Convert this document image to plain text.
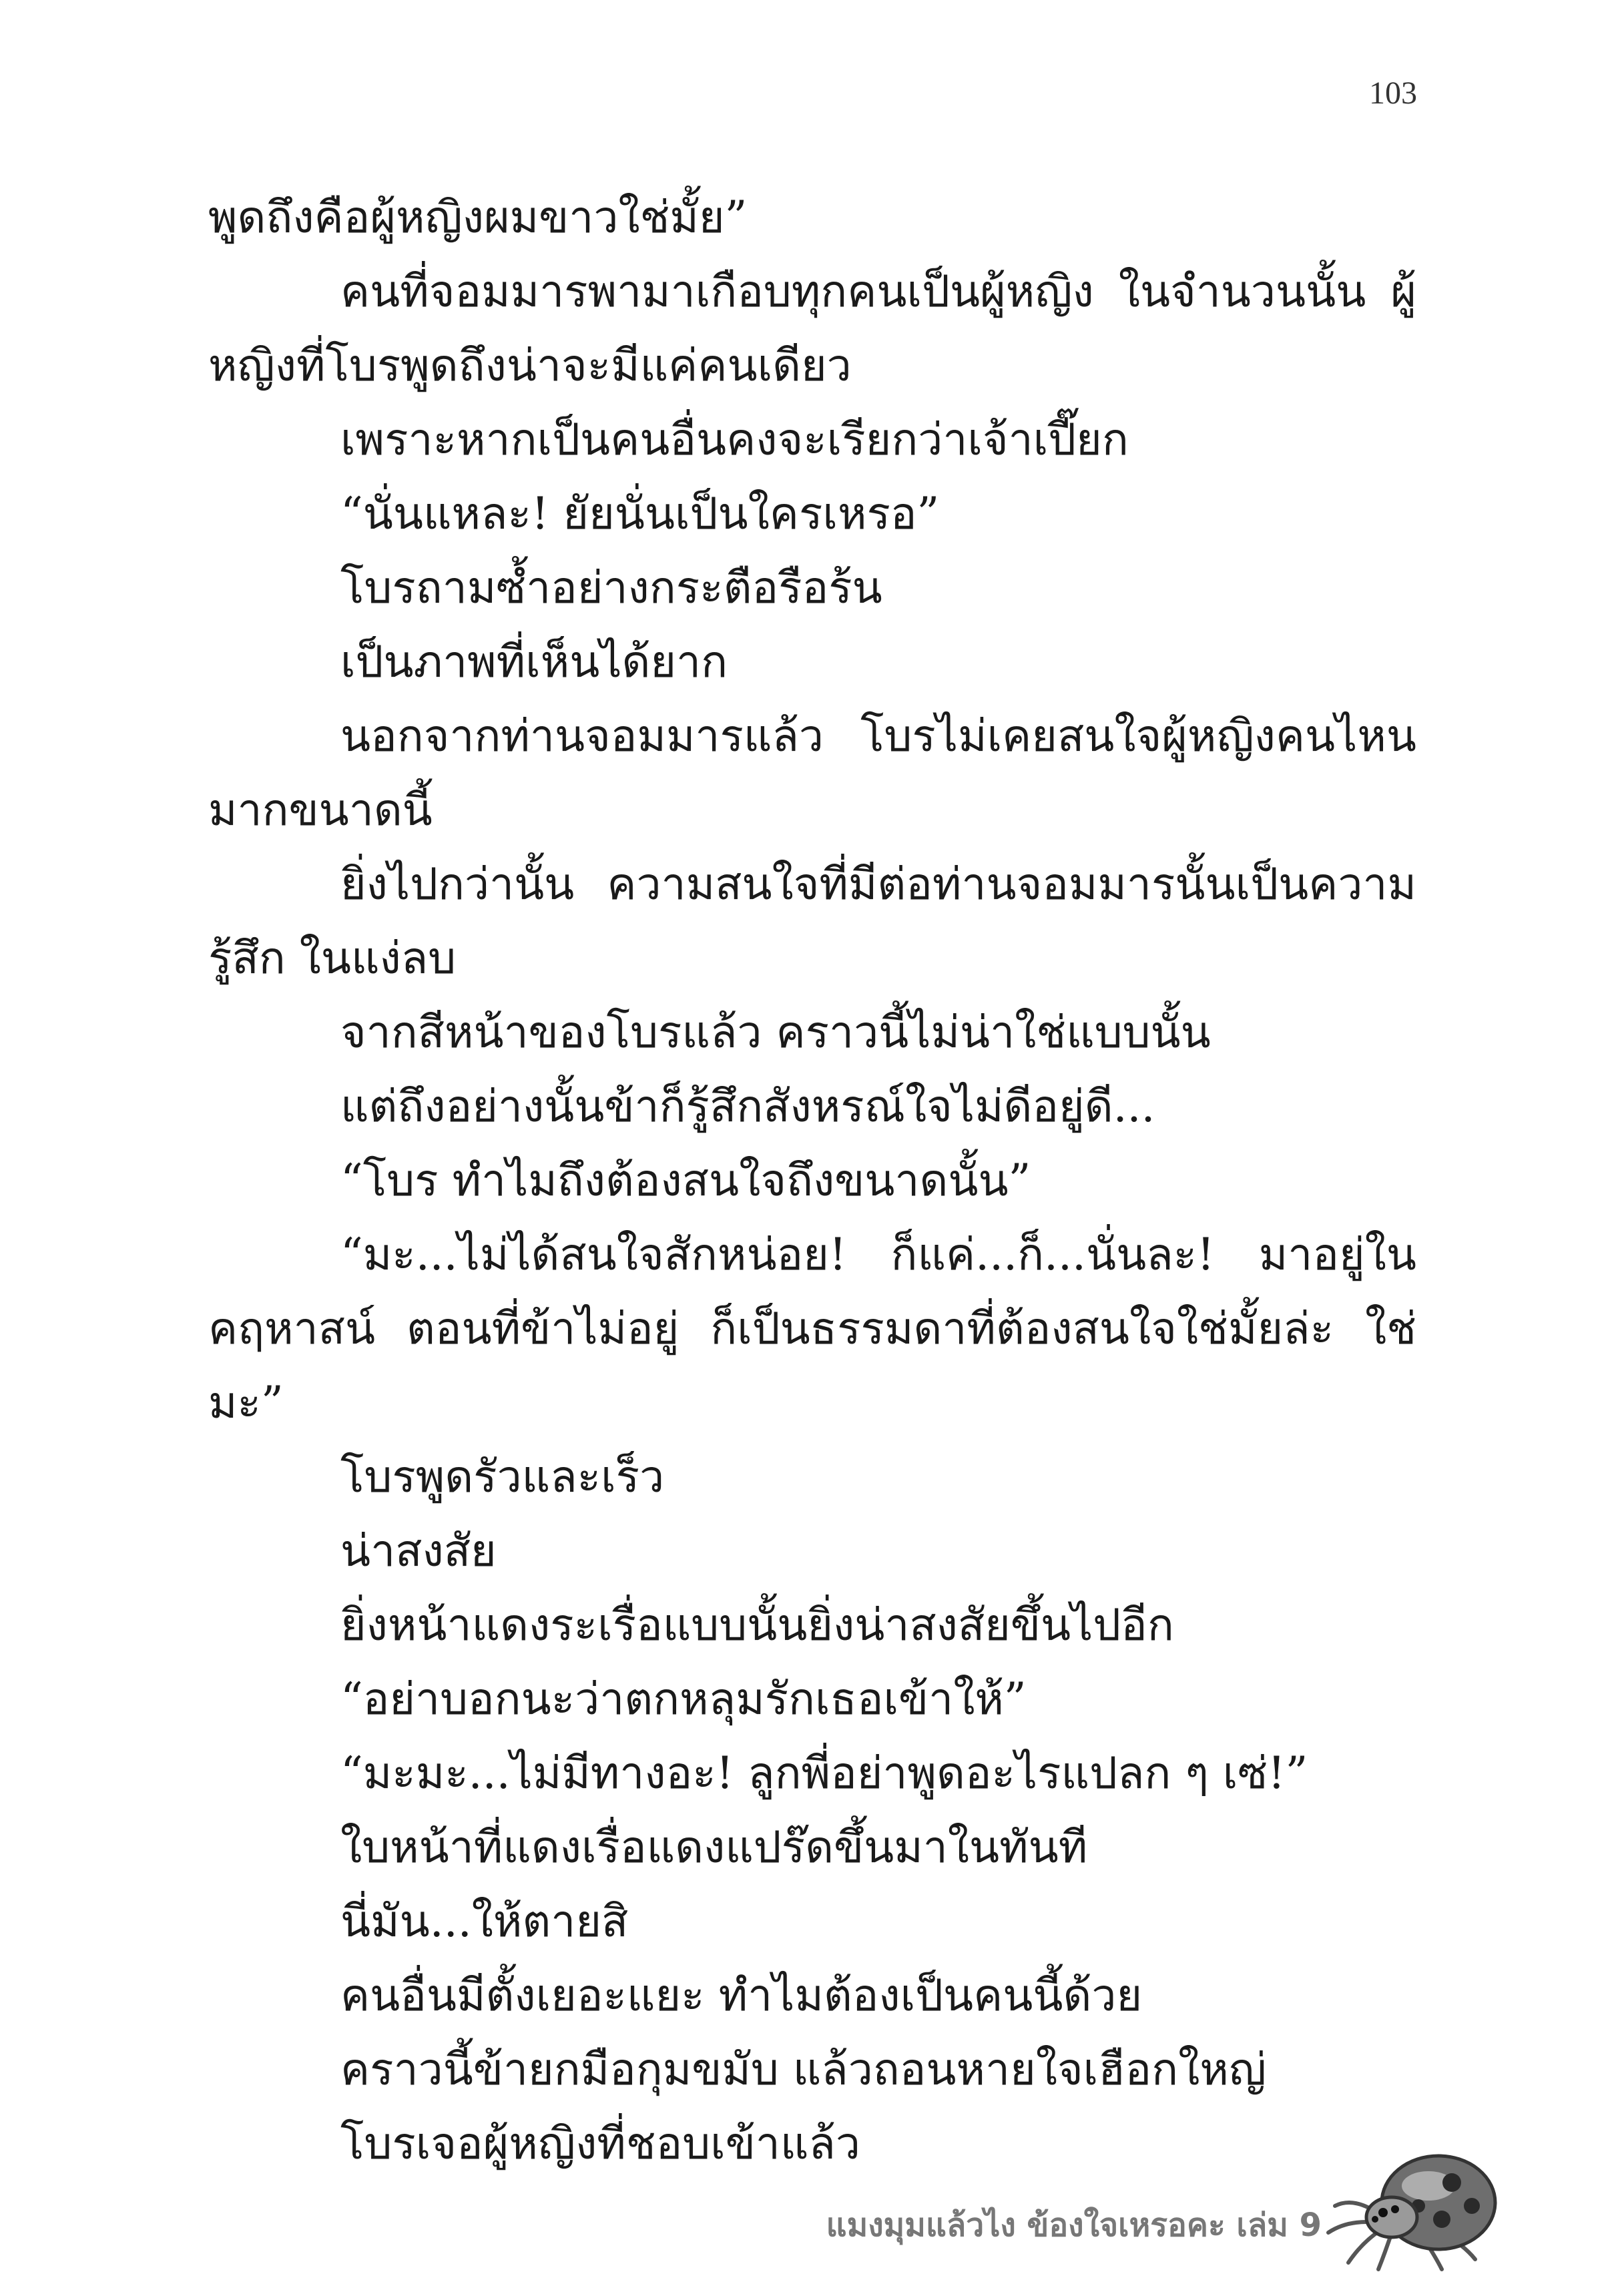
103

พูดถึงคือผู้หญิงผมขาวใช่มั้ย”

คนที่จอมมารพามาเกือบทุกคนเป็นผู้หญิง ในจำนวนนั้น ผู้หญิงที่โบรพูดถึงน่าจะมีแค่คนเดียว

เพราะหากเป็นคนอื่นคงจะเรียกว่าเจ้าเปี๊ยก

“นั่นแหละ! ยัยนั่นเป็นใครเหรอ”

โบรถามซ้ำอย่างกระตือรือร้น

เป็นภาพที่เห็นได้ยาก

นอกจากท่านจอมมารแล้ว โบรไม่เคยสนใจผู้หญิงคนไหน มากขนาดนี้

ยิ่งไปกว่านั้น ความสนใจที่มีต่อท่านจอมมารนั้นเป็นความรู้สึก ในแง่ลบ

จากสีหน้าของโบรแล้ว คราวนี้ไม่น่าใช่แบบนั้น

แต่ถึงอย่างนั้นข้าก็รู้สึกสังหรณ์ใจไม่ดีอยู่ดี...

“โบร ทำไมถึงต้องสนใจถึงขนาดนั้น”

“มะ...ไม่ได้สนใจสักหน่อย! ก็แค่...ก็...นั่นละ! มาอยู่ในคฤหาสน์ ตอนที่ข้าไม่อยู่ ก็เป็นธรรมดาที่ต้องสนใจใช่มั้ยล่ะ ใช่มะ”

โบรพูดรัวและเร็ว

น่าสงสัย

ยิ่งหน้าแดงระเรื่อแบบนั้นยิ่งน่าสงสัยขึ้นไปอีก

“อย่าบอกนะว่าตกหลุมรักเธอเข้าให้”

“มะมะ...ไม่มีทางอะ! ลูกพี่อย่าพูดอะไรแปลก ๆ เซ่!”

ใบหน้าที่แดงเรื่อแดงแปร๊ดขึ้นมาในทันที

นี่มัน...ให้ตายสิ

คนอื่นมีตั้งเยอะแยะ ทำไมต้องเป็นคนนี้ด้วย

คราวนี้ข้ายกมือกุมขมับ แล้วถอนหายใจเฮือกใหญ่

โบรเจอผู้หญิงที่ชอบเข้าแล้ว

แมงมุมแล้วไง ข้องใจเหรอคะ เล่ม 9
